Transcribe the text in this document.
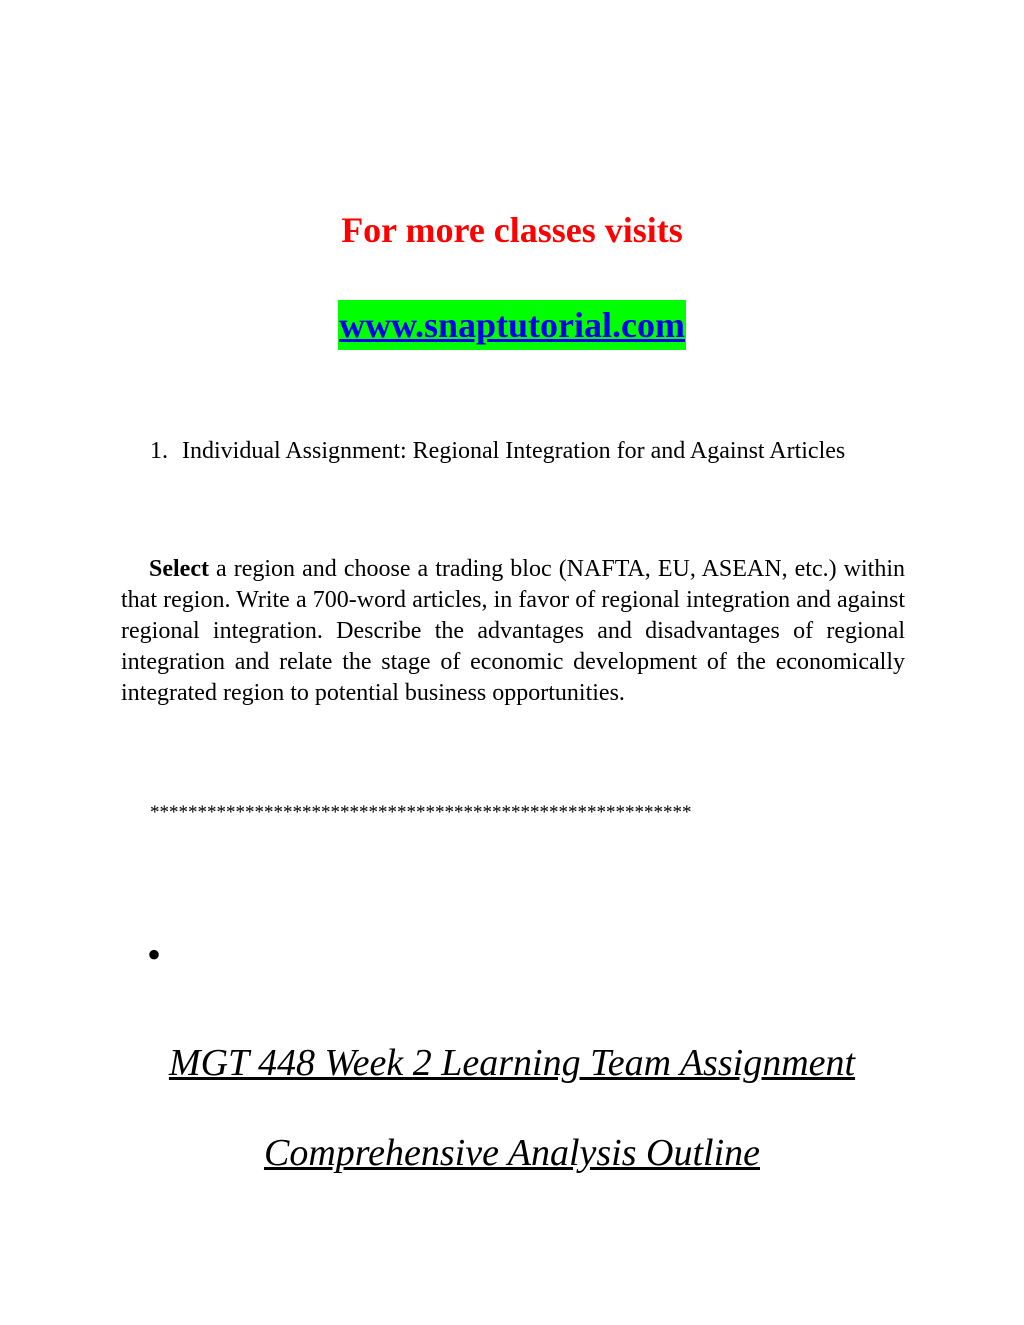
For more classes visits
www.snaptutorial.com
1. Individual Assignment: Regional Integration for and Against Articles
Select a region and choose a trading bloc (NAFTA, EU, ASEAN, etc.) within that region. Write a 700-word articles, in favor of regional integration and against regional integration. Describe the advantages and disadvantages of regional integration and relate the stage of economic development of the economically integrated region to potential business opportunities.
*********************************************************
•
MGT 448 Week 2 Learning Team Assignment
Comprehensive Analysis Outline
